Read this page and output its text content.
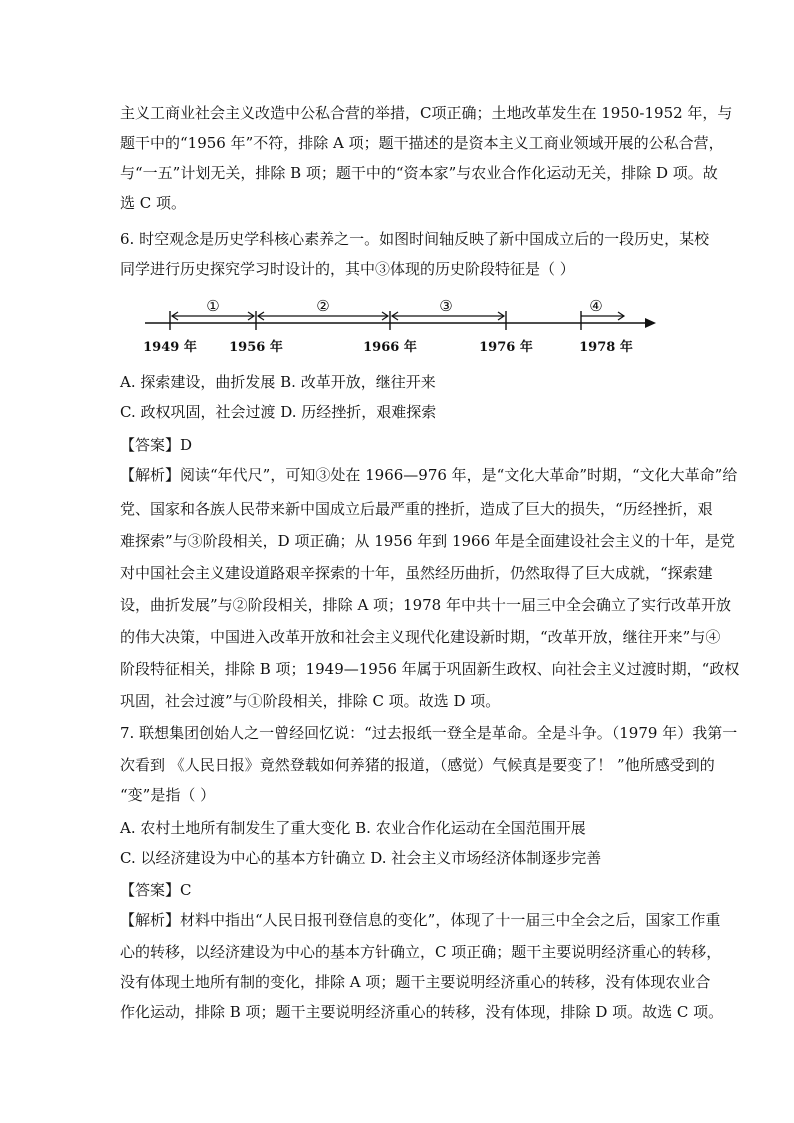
主义工商业社会主义改造中公私合营的举措，C项正确；土地改革发生在 1950-1952 年，与
题干中的“1956 年”不符，排除 A 项；题干描述的是资本主义工商业领域开展的公私合营，
与“一五”计划无关，排除 B 项；题干中的“资本家”与农业合作化运动无关，排除 D 项。故
选 C 项。
6. 时空观念是历史学科核心素养之一。如图时间轴反映了新中国成立后的一段历史，某校
同学进行历史探究学习时设计的，其中③体现的历史阶段特征是（ ）
①	②	③	④
1949 年 1956 年	1966 年	1976 年	1978 年
A. 探索建设，曲折发展 B. 改革开放，继往开来
C. 政权巩固，社会过渡 D. 历经挫折，艰难探索
【答案】D
【解析】阅读“年代尺”，可知③处在 1966—976 年，是“文化大革命”时期，“文化大革命”给
党、国家和各族人民带来新中国成立后最严重的挫折，造成了巨大的损失，“历经挫折，艰
难探索”与③阶段相关，D 项正确；从 1956 年到 1966 年是全面建设社会主义的十年，是党
对中国社会主义建设道路艰辛探索的十年，虽然经历曲折，仍然取得了巨大成就，“探索建
设，曲折发展”与②阶段相关，排除 A 项；1978 年中共十一届三中全会确立了实行改革开放
的伟大决策，中国进入改革开放和社会主义现代化建设新时期，“改革开放，继往开来”与④
阶段特征相关，排除 B 项；1949—1956 年属于巩固新生政权、向社会主义过渡时期，“政权
巩固，社会过渡”与①阶段相关，排除 C 项。故选 D 项。
7. 联想集团创始人之一曾经回忆说：“过去报纸一登全是革命。全是斗争。（1979 年）我第一
次看到 《人民日报》竟然登载如何养猪的报道，（感觉）气候真是要变了！ ”他所感受到的
“变”是指（ ）
A. 农村土地所有制发生了重大变化 B. 农业合作化运动在全国范围开展
C. 以经济建设为中心的基本方针确立 D. 社会主义市场经济体制逐步完善
【答案】C
【解析】材料中指出“人民日报刊登信息的变化”，体现了十一届三中全会之后，国家工作重
心的转移，以经济建设为中心的基本方针确立，C 项正确；题干主要说明经济重心的转移，
没有体现土地所有制的变化，排除 A 项；题干主要说明经济重心的转移，没有体现农业合
作化运动，排除 B 项；题干主要说明经济重心的转移，没有体现，排除 D 项。故选 C 项。
